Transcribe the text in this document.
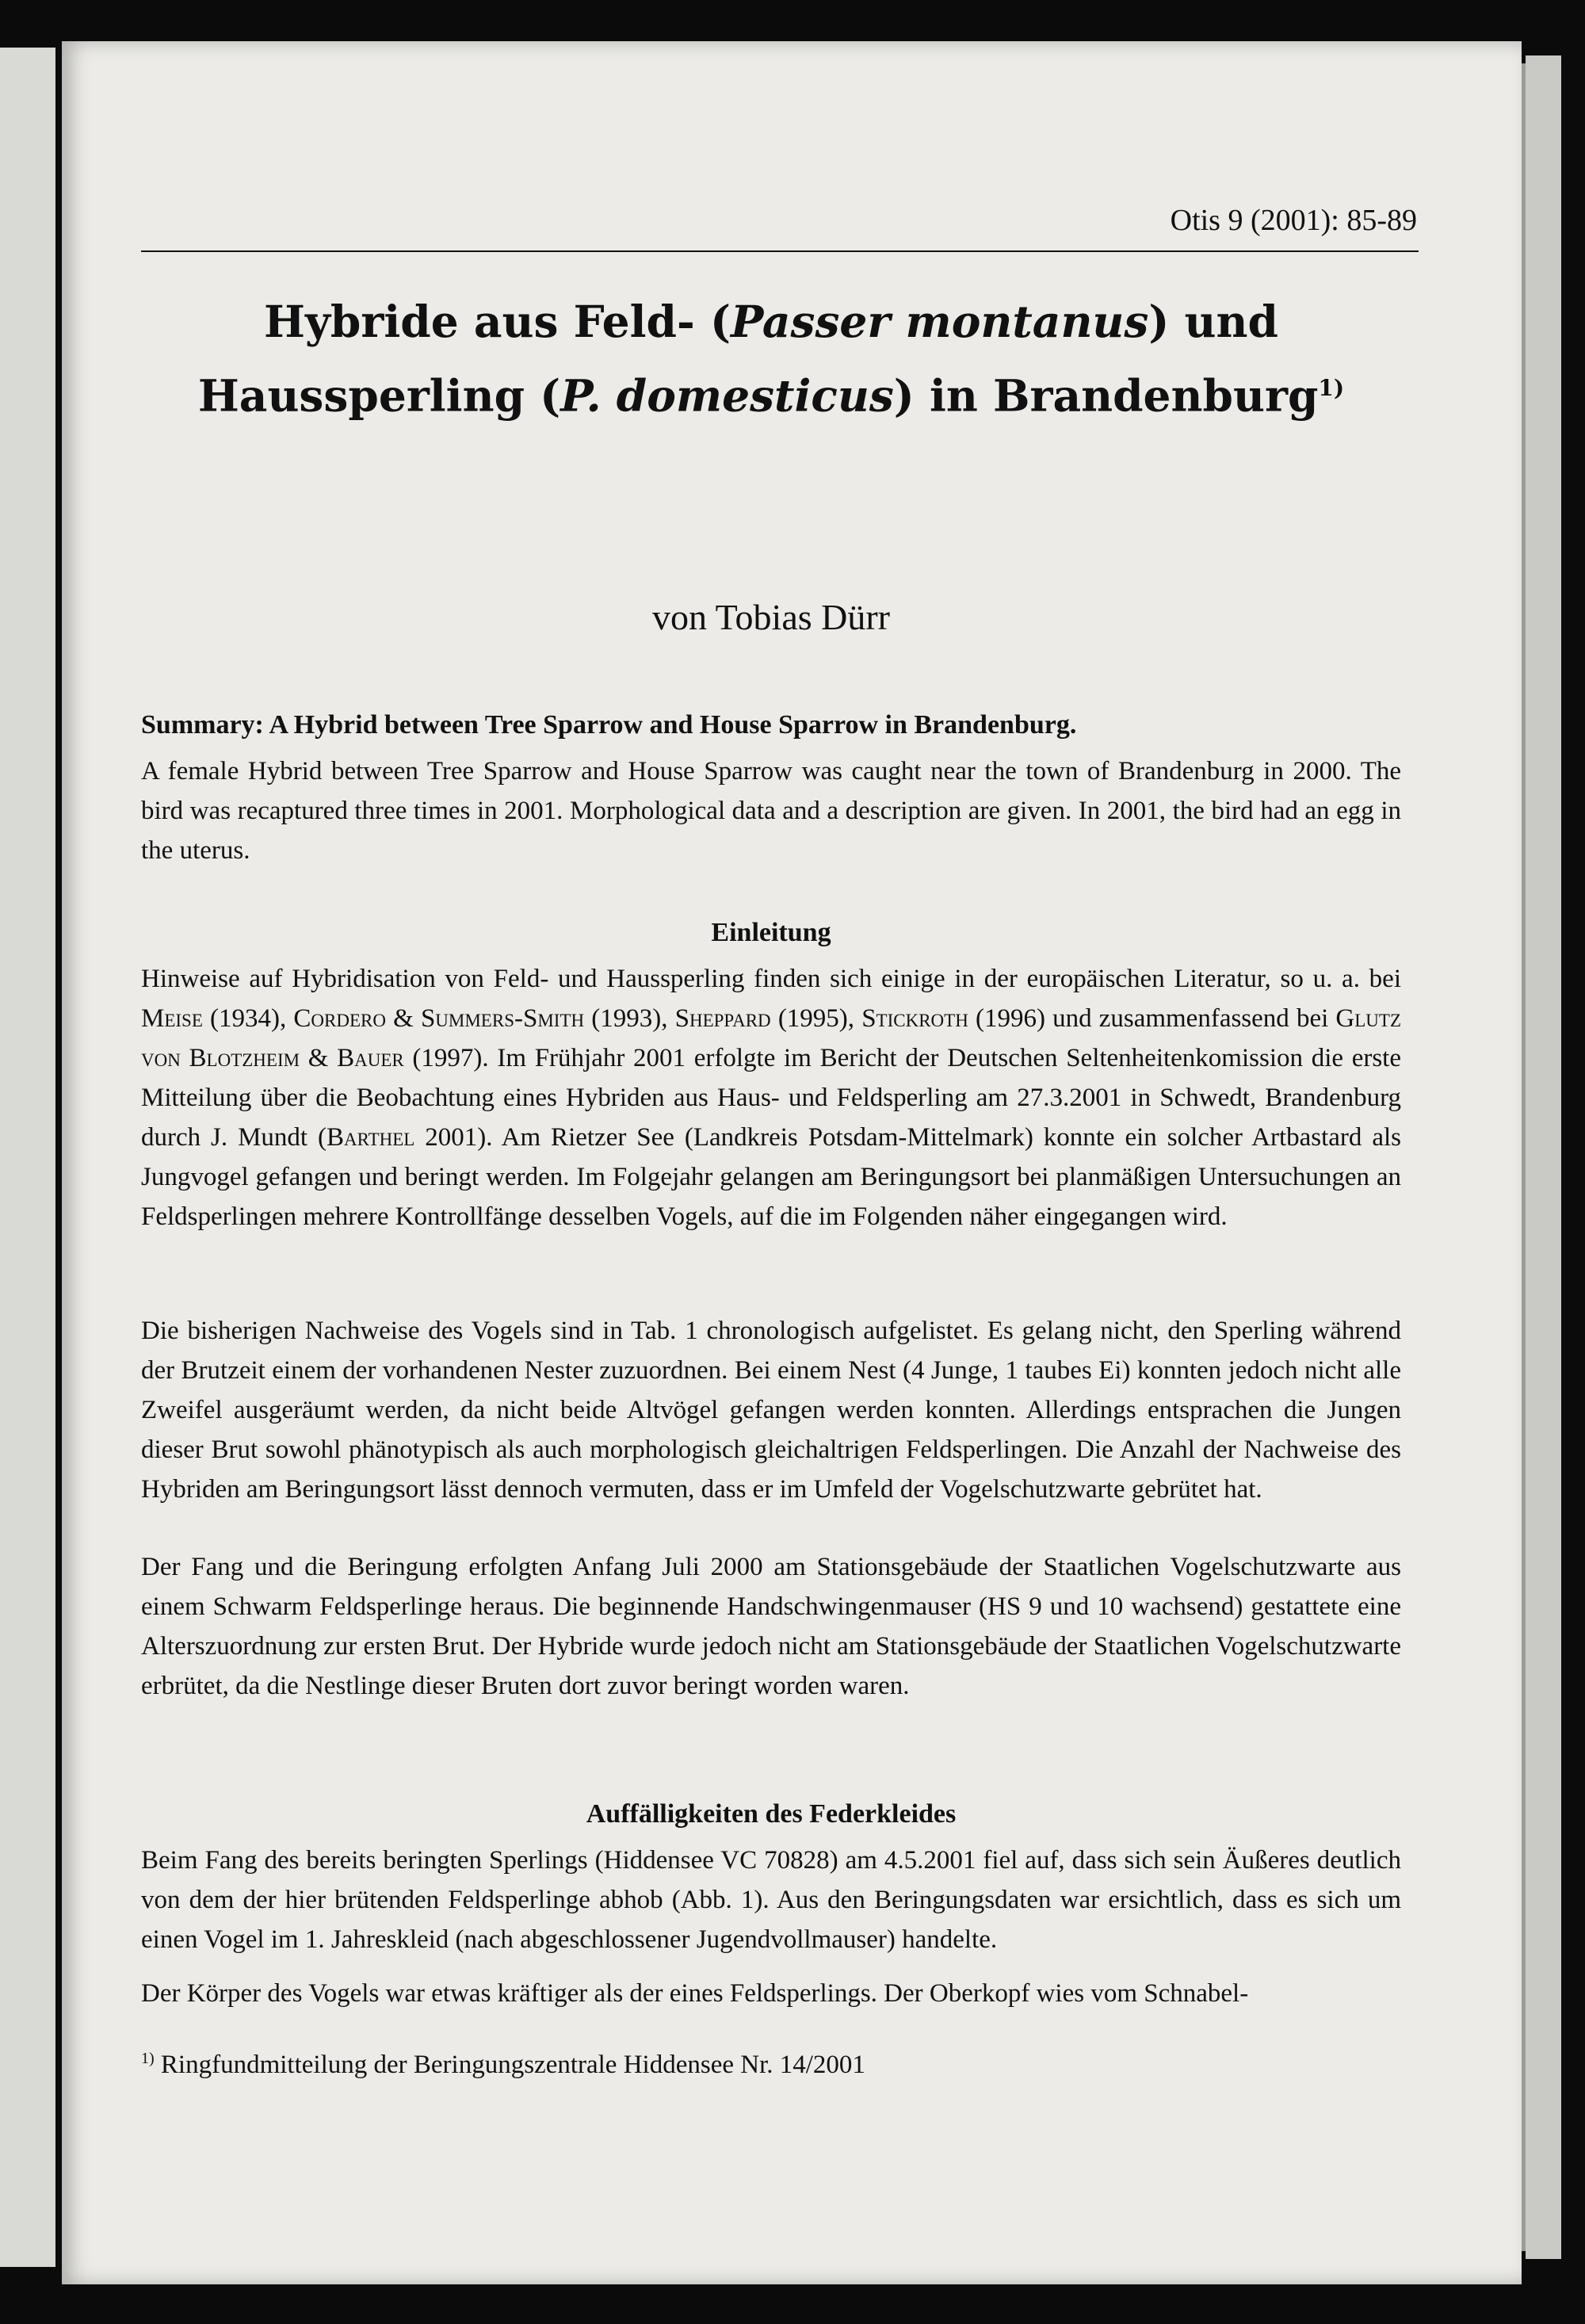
Otis 9 (2001): 85-89
Hybride aus Feld- (Passer montanus) und
Haussperling (P. domesticus) in Brandenburg$^{1)}$
von Tobias Dürr
Summary: A Hybrid between Tree Sparrow and House Sparrow in Brandenburg.

A female Hybrid between Tree Sparrow and House Sparrow was caught near the town of Brandenburg in 2000. The bird was recaptured three times in 2001. Morphological data and a description are given. In 2001, the bird had an egg in the uterus.

Einleitung

Hinweise auf Hybridisation von Feld- und Haussperling finden sich einige in der europäischen Literatur, so u. a. bei Meise (1934), Cordero & Summers-Smith (1993), Sheppard (1995), Stickroth (1996) und zusammenfassend bei Glutz von Blotzheim & Bauer (1997). Im Frühjahr 2001 erfolgte im Bericht der Deutschen Seltenheitenkomission die erste Mitteilung über die Beobachtung eines Hybriden aus Haus- und Feldsperling am 27.3.2001 in Schwedt, Brandenburg durch J. Mundt (Barthel 2001). Am Rietzer See (Landkreis Potsdam-Mittelmark) konnte ein solcher Artbastard als Jungvogel gefangen und beringt werden. Im Folgejahr gelangen am Beringungsort bei planmäßigen Untersuchungen an Feldsperlingen mehrere Kontrollfänge desselben Vogels, auf die im Folgenden näher eingegangen wird.

Die bisherigen Nachweise des Vogels sind in Tab. 1 chronologisch aufgelistet. Es gelang nicht, den Sperling während der Brutzeit einem der vorhandenen Nester zuzuordnen. Bei einem Nest (4 Junge, 1 taubes Ei) konnten jedoch nicht alle Zweifel ausgeräumt werden, da nicht beide Altvögel gefangen werden konnten. Allerdings entsprachen die Jungen dieser Brut sowohl phänotypisch als auch morphologisch gleichaltrigen Feldsperlingen. Die Anzahl der Nachweise des Hybriden am Beringungsort lässt dennoch vermuten, dass er im Umfeld der Vogelschutzwarte gebrütet hat.

Der Fang und die Beringung erfolgten Anfang Juli 2000 am Stationsgebäude der Staatlichen Vogelschutzwarte aus einem Schwarm Feldsperlinge heraus. Die beginnende Handschwingenmauser (HS 9 und 10 wachsend) gestattete eine Alterszuordnung zur ersten Brut. Der Hybride wurde jedoch nicht am Stationsgebäude der Staatlichen Vogelschutzwarte erbrütet, da die Nestlinge dieser Bruten dort zuvor beringt worden waren.

Auffälligkeiten des Federkleides

Beim Fang des bereits beringten Sperlings (Hiddensee VC 70828) am 4.5.2001 fiel auf, dass sich sein Äußeres deutlich von dem der hier brütenden Feldsperlinge abhob (Abb. 1). Aus den Beringungsdaten war ersichtlich, dass es sich um einen Vogel im 1. Jahreskleid (nach abgeschlossener Jugendvollmauser) handelte.

Der Körper des Vogels war etwas kräftiger als der eines Feldsperlings. Der Oberkopf wies vom Schnabel-

$^{1)}$ Ringfundmitteilung der Beringungszentrale Hiddensee Nr. 14/2001
